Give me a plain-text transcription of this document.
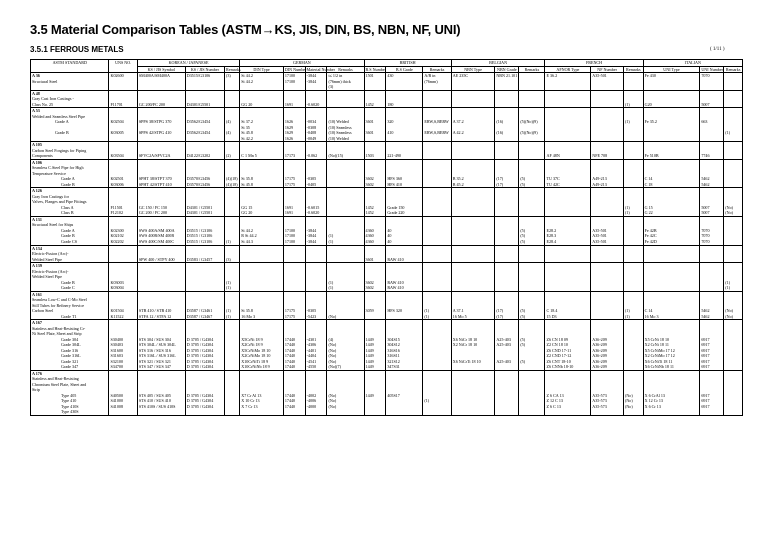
3.5 Material Comparison Tables (ASTM→KS, JIS, DIN, BS, NBN, NF, UNI)
3.5.1 FERROUS METALS	( 1/11 )
ASTM STANDARD	UNS NO.	KOREAN / JAPANESE			GERMAN				BRITISH			BELGIAN			FRENCH			ITALIAN		
		KS / JIS Symbol	KS / JIS Number	Remarks	DIN Type	DIN Number	Material Number	Remarks	B.S Number	B.S Grade	Remarks	NBN Type	NBN Grade	Remarks	AFNOR Type	NF Number	Remarks	UNI Type	UNI Number	Remarks
A 36	K02600	SM400A/SM400A	D3515/G3106	(3)	St 44.2	17100	-3844	t≤ 1/2 in	1501	430	A/B in	AE 235C	NBN 21.101		E 36.2	A35-501		Fe 430	7070	
Structural Steel					St 44.2	17100	-3844	(76mm) thick			(76mm)									
								(3)												
A 48																				
Gray Cast Iron Castings -																				
Class No. 25	F11701	GC 200/FC 200	D4301/G5501		GG 20	1691	-0.6020		1452	180							(1)	G20	5007	
A 53																				
Welded and Seamless Steel Pipe																				
Grade A	K02504	SPPS 38/STPG 370	D3562/G3454	(4)	St 37.2	1626	-0034	(10) Welded	3601	320	ERW,S,BERW	A 37.2	(16)	(5)(No)(9)			(1)	Fe 35.2	663	
					St 35	1629	-0308	(10) Seamless												
Grade B	K03005	SPPS 42/STPG 410	D3562/G3454	(4)	St 45.8	1629	-0408	(10) Seamless	3601	410	ERW,S,BERW	A 42.2	(16)	(5)(No)(9)						(1)
					St 42.2	1626	-0049	(10) Welded												
A 105																				
Carbon Steel Forgings for Piping																				
Components	K03504	SFVC2A/SFVC2A	D4122/G3202	(2)	C 1 Mn 5	17173	-0.062	(No)(15)	1503	221-490					AF 48N	NFE 708		Fe 510B	7746	
A 106																				
Seamless C.Steel Pipe for High																				
Temperature Service																				
Grade A	K02501	SPHT 38/STPT 370	D3570/G3456	(4)(18)	St 35.8	17175	-0305		3602	HFS 360		B 35.2	(17)	(5)	TU 37C	A49-213		C 14	5462	
Grade B	K03006	SPHT 42/STPT 410	D3570/G3456	(4)(18)	St 45.8	17175	-0405		3602	HFS 410		B 45.2	(17)	(5)	TU 42C	A49-213		C 18	5462	
A 126																				
Gray Iron Castings for																				
Valves, Flanges and Pipe Fittings																				
Class A	F11501	GC 150 / FC 150	D4301 / G5501		GG 15	1691	-0.6015		1452	Grade 150							(1)	G 15	5007	(No)
Class B	F12102	GC 200 / FC 200	D4301 / G5501		GG 20	1691	-0.6020		1452	Grade 220							(1)	G 22	5007	(No)
A 131																				
Structural Steel for Ships																				
Grade A	K02300	SWS 400A/SM 400A	D3515 / G3106		St 44.2	17100	-3844		4360	40				(5)	E28.2	A35-501		Fe 42B	7070	
Grade B	K02102	SWS 400B/SM 400B	D3515 / G3106		R St 44.2	17100	-3844	(1)	4360	40				(5)	E28.3	A35-501		Fe 42C	7070	
Grade CS	K02202	SWS 400C/SM 400C	D3515 / G3106	(1)	St 44.3	17100	-3844	(1)	4360	40				(5)	E28.4	A35-501		Fe 42D	7070	
A 134																				
Electric-Fusion (Arc)-																				
Welded Steel Pipe		SPW 400 / STPY 400	D3583 / G3457	(3)					3601	RAW 410										
A 139																				
Electric-Fusion (Arc)-																				
Welded Steel Pipe																				
Grade B	K03003			(1)				(1)	3602	RAW 410										(1)
Grade C	K03004			(1)				(1)	3602	RAW 410										(1)
A 161																				
Seamless Low-C and C-Mo Steel																				
Still Tubes for Refinery Service																				
Carbon Steel	K01504	STB 410 / STB 410	D3587 / G3461	(1)	St 35.8	17175	-0305		3059	HFS 320	(1)	A 37.1	(17)	(5)	C 18.4		(1)	C 14	5462	(No)
Grade T1	K11522	STFA 12 / STFA 12	D3587 / G3467	(1)	16 Mo 3	17175	-5423	(No)			(1)	16 Mo 5	(17)	(5)	15 D3		(1)	16 Mo 3	5462	(No)
A 167																				
Stainless and Heat-Resisting Cr-																				
Ni Steel Plate, Sheet and Strip																				
Grade 304	S30400	STS 304 / SUS 304	D 3705 / G4304		X5CrNi 18 9	17440	-4301	(4)	1449	304S15		X6 NiCr 18 10	A25-403	(5)	Z6 CN 18 09	A36-209		X5 CrNi 18 10	6917	
Grade 304L	S30403	STS 304L / SUS 304L	D 3705 / G4304		X2CrNi 18 9	17440	-4306	(No)	1449	304S12		X2 NiCr 18 10	A25-403	(5)	Z2 CN 18 10	A36-209		X2 CrNi 18 11	6917	
Grade 316	S31600	STS 316 / SUS 316	D 3705 / G4304		X5CrNiMo 18 10	17440	-4401	(No)	1449	316S16					Z6 CND 17-11	A36-209		X5 CrNiMo 17 12	6917	
Grade 316L	S31603	STS 316L / SUS 316L	D 3705 / G4304		X2CrNiMo 18 10	17440	-4404	(No)	1449	316S11					Z2 CND 17-12	A36-209		X2 CrNiMo 17 12	6917	
Grade 321	S32100	STS 321 / SUS 321	D 3705 / G4304		X10CrNiTi 18 9	17440	-4541	(No)	1449	321S12		X6 NiCrTi 18 10	A25-403	(5)	Z6 CNT 18-10	A36-209		X6 CrNiTi 18 11	6917	

Grade 347	S34700	STS 347 / SUS 347	D 3705 / G4304		X10CrNiNb 18 9	17440	-4550	(No)(7)	1449	347S31					Z6 CNNb 18-10	A36-209		X6 CrNiNb 18 11	6917	

A 176																				
Stainless and Heat-Resisting																				
Chromium Steel Plate, Sheet and																				
Strip																				
Type 405	S40500	STS 405 / SUS 405	D 3705 / G4304		X7 Cr Al 13	17440	-4002	(No)	1449	405S17					Z 6 CA 13	A35-573	(No)	X 6 CrAl 13	6917	
Type 410	S41000	STS 410 / SUS 410	D 3705 / G4304		X 10 Cr 13	17440	-4006	(No)			(1)				Z 12 C 13	A35-573	(No)	X 12 Cr 13	6917	
Type 410S	S41008	STS 410S / SUS 410S	D 3705 / G4304		X 7 Cr 13	17440	-4000	(No)							Z 6 C 13	A35-573	(No)	X 6 Cr 13	6917	
Type 430S																				
